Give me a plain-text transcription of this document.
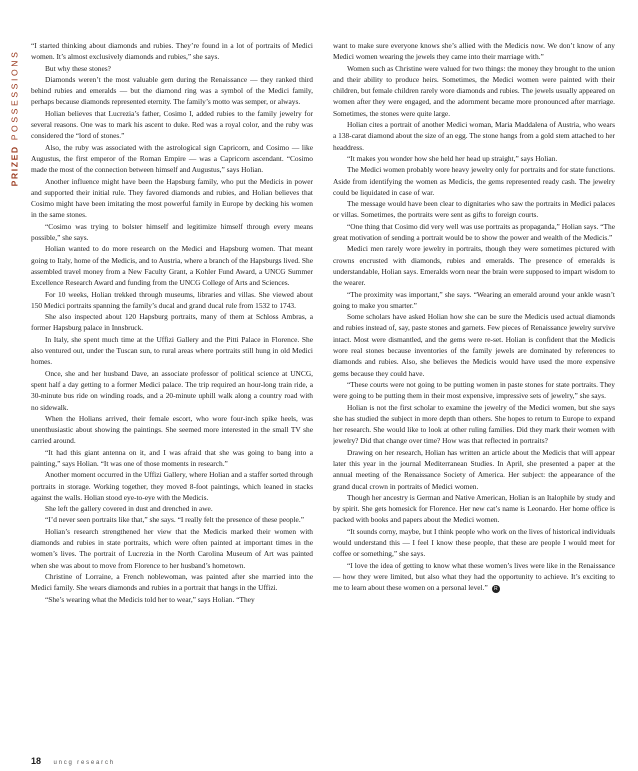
PRIZED POSSESSIONS

“I started thinking about diamonds and rubies. They’re found in a lot of portraits of Medici women. It’s almost exclusively diamonds and rubies,” she says.

But why these stones?

Diamonds weren’t the most valuable gem during the Renaissance — they ranked third behind rubies and emeralds — but the diamond ring was a symbol of the Medici family, perhaps because diamonds represented eternity. The family’s motto was semper, or always.

Holian believes that Lucrezia’s father, Cosimo I, added rubies to the family jewelry for several reasons. One was to mark his ascent to duke. Red was a royal color, and the ruby was considered the “lord of stones.”

Also, the ruby was associated with the astrological sign Capricorn, and Cosimo — like Augustus, the first emperor of the Roman Empire — was a Capricorn ascendant. “Cosimo made the most of the connection between himself and Augustus,” says Holian.

Another influence might have been the Hapsburg family, who put the Medicis in power and supported their initial rule. They favored diamonds and rubies, and Holian believes that Cosimo might have been imitating the most powerful family in Europe by decking his women in the same stones.

“Cosimo was trying to bolster himself and legitimize himself through every means possible,” she says.

Holian wanted to do more research on the Medici and Hapsburg women. That meant going to Italy, home of the Medicis, and to Austria, where a branch of the Hapsburgs lived. She assembled travel money from a New Faculty Grant, a Kohler Fund Award, a UNCG Summer Excellence Research Award and funding from the UNCG College of Arts and Sciences.

For 10 weeks, Holian trekked through museums, libraries and villas. She viewed about 150 Medici portraits spanning the family’s ducal and grand ducal rule from 1532 to 1743.

She also inspected about 120 Hapsburg portraits, many of them at Schloss Ambras, a former Hapsburg palace in Innsbruck.

In Italy, she spent much time at the Uffizi Gallery and the Pitti Palace in Florence. She also ventured out, under the Tuscan sun, to rural areas where portraits still hung in old Medici homes.

Once, she and her husband Dave, an associate professor of political science at UNCG, spent half a day getting to a former Medici palace. The trip required an hour-long train ride, a 30-minute bus ride on winding roads, and a 20-minute uphill walk along a country road with no sidewalk.

When the Holians arrived, their female escort, who wore four-inch spike heels, was unenthusiastic about showing the paintings. She seemed more interested in the small TV she carried around.

“It had this giant antenna on it, and I was afraid that she was going to bang into a painting,” says Holian. “It was one of those moments in research.”

Another moment occurred in the Uffizi Gallery, where Holian and a staffer sorted through portraits in storage. Working together, they moved 8-foot paintings, which leaned in stacks against the walls. Holian stood eye-to-eye with the Medicis.

She left the gallery covered in dust and drenched in awe.

“I’d never seen portraits like that,” she says. “I really felt the presence of these people.”

Holian’s research strengthened her view that the Medicis marked their women with diamonds and rubies in state portraits, which were often painted at important times in the women’s lives. The portrait of Lucrezia in the North Carolina Museum of Art was painted when she was about to move from Florence to her husband’s hometown.

Christine of Lorraine, a French noblewoman, was painted after she married into the Medici family. She wears diamonds and rubies in a portrait that hangs in the Uffizi.

“She’s wearing what the Medicis told her to wear,” says Holian. “They

want to make sure everyone knows she’s allied with the Medicis now. We don’t know of any Medici women wearing the jewels they came into their marriage with.”

Women such as Christine were valued for two things: the money they brought to the union and their ability to produce heirs. Sometimes, the Medici women were painted with their children, but female children rarely wore diamonds and rubies. The jewels usually appeared on women after they were engaged, and the adornment became more pronounced after marriage. Sometimes, the stones were quite large.

Holian cites a portrait of another Medici woman, Maria Maddalena of Austria, who wears a 138-carat diamond about the size of an egg. The stone hangs from a gold stem attached to her headdress.

“It makes you wonder how she held her head up straight,” says Holian.

The Medici women probably wore heavy jewelry only for portraits and for state functions. Aside from identifying the women as Medicis, the gems represented ready cash. The jewelry could be liquidated in case of war.

The message would have been clear to dignitaries who saw the portraits in Medici palaces or villas. Sometimes, the portraits were sent as gifts to foreign courts.

“One thing that Cosimo did very well was use portraits as propaganda,” Holian says. “The great motivation of sending a portrait would be to show the power and wealth of the Medicis.”

Medici men rarely wore jewelry in portraits, though they were sometimes pictured with crowns encrusted with diamonds, rubies and emeralds. The presence of emeralds is understandable, Holian says. Emeralds worn near the brain were supposed to impart wisdom to the wearer.

“The proximity was important,” she says. “Wearing an emerald around your ankle wasn’t going to make you smarter.”

Some scholars have asked Holian how she can be sure the Medicis used actual diamonds and rubies instead of, say, paste stones and garnets. Few pieces of Renaissance jewelry survive intact. Most were dismantled, and the gems were re-set. Holian is confident that the Medicis wore real stones because inventories of the family jewels are dominated by references to diamonds and rubies. Also, she believes the Medicis would have used the more expensive gems because they could have.

“These courts were not going to be putting women in paste stones for state portraits. They were going to be putting them in their most expensive, impressive sets of jewelry,” she says.

Holian is not the first scholar to examine the jewelry of the Medici women, but she says she has studied the subject in more depth than others. She hopes to return to Europe to expand her research. She would like to look at other ruling families. Did they mark their women with jewelry? Did that change over time? How was that reflected in portraits?

Drawing on her research, Holian has written an article about the Medicis that will appear later this year in the journal Mediterranean Studies. In April, she presented a paper at the annual meeting of the Renaissance Society of America. Her subject: the appearance of the grand ducal crown in portraits of Medici women.

Though her ancestry is German and Native American, Holian is an Italophile by study and by spirit. She gets homesick for Florence. Her new cat’s name is Leonardo. Her home office is packed with books and papers about the Medici women.

“It sounds corny, maybe, but I think people who work on the lives of historical individuals would understand this — I feel I know these people, that these are people I would meet for coffee or something,” she says.

“I love the idea of getting to know what these women’s lives were like in the Renaissance — how they were limited, but also what they had the opportunity to achieve. It’s exciting to me to learn about these women on a personal level.” R

18 uncg research
